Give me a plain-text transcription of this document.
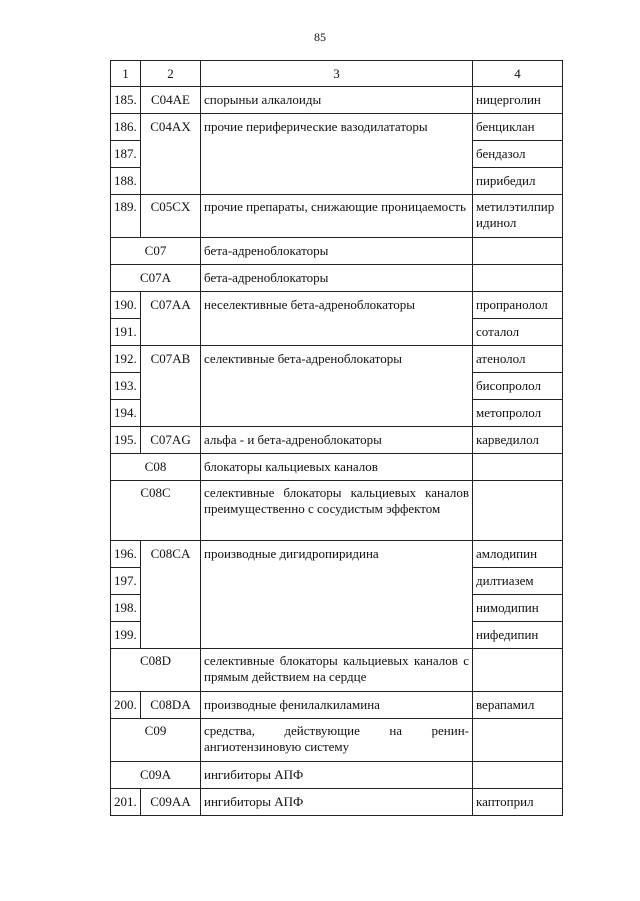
85
1	2	3	4
185.	C04AE	спорыньи алкалоиды	ницерголин
186.	C04AX	прочие периферические вазодилататоры	бенциклан
187.			бендазол
188.			пирибедил
189.	C05CX	прочие препараты, снижающие проницаемость	метилэтилпиридинол
C07		бета-адреноблокаторы	
C07A		бета-адреноблокаторы	
190.	C07AA	неселективные бета-адреноблокаторы	пропранолол
191.			соталол
192.	C07AB	селективные бета-адреноблокаторы	атенолол
193.			бисопролол
194.			метопролол
195.	C07AG	альфа - и бета-адреноблокаторы	карведилол
C08		блокаторы кальциевых каналов	
C08C		селективные блокаторы кальциевых каналов преимущественно с сосудистым эффектом	
196.	C08CA	производные дигидропиридина	амлодипин
197.			дилтиазем
198.			нимодипин
199.			нифедипин
C08D		селективные блокаторы кальциевых каналов с прямым действием на сердце	
200.	C08DA	производные фенилалкиламина	верапамил
C09		средства, действующие на ренин-ангиотензиновую систему	
C09A		ингибиторы АПФ	
201.	C09AA	ингибиторы АПФ	каптоприл
